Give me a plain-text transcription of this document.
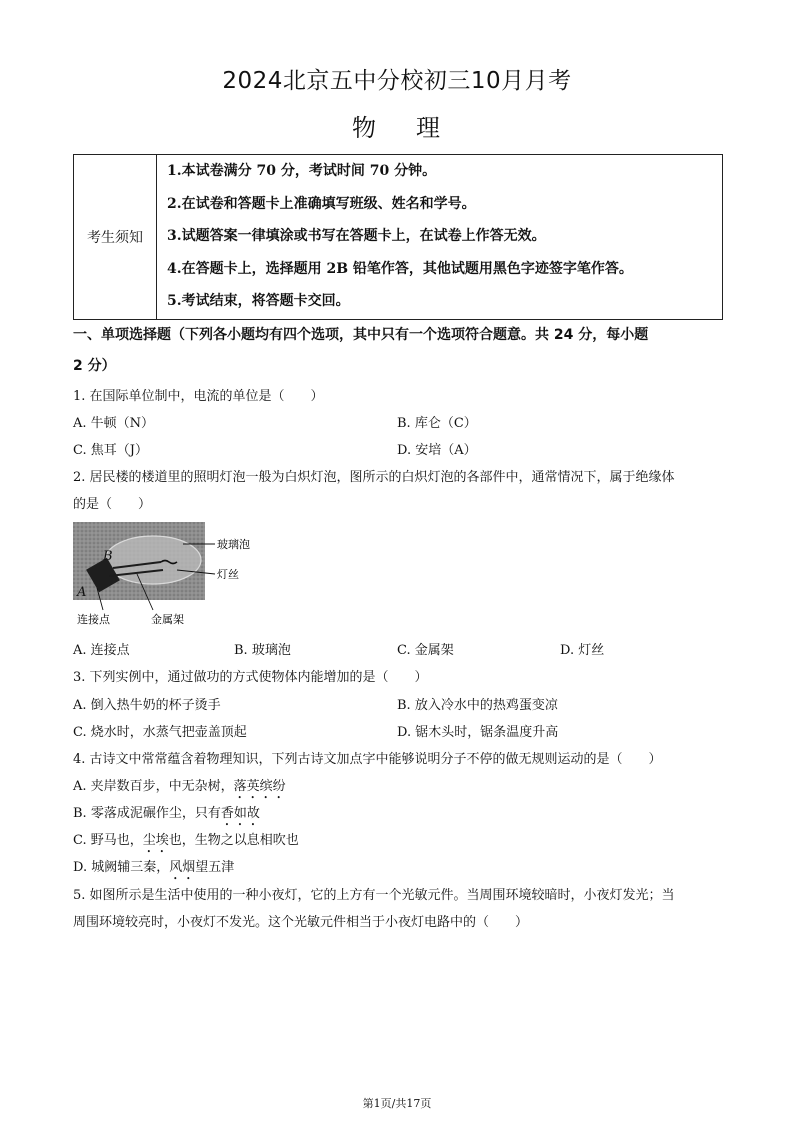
2024北京五中分校初三10月月考
物 理
考生须知	
1.本试卷满分 70 分，考试时间 70 分钟。
2.在试卷和答题卡上准确填写班级、姓名和学号。
3.试题答案一律填涂或书写在答题卡上，在试卷上作答无效。
4.在答题卡上，选择题用 2B 铅笔作答，其他试题用黑色字迹签字笔作答。
5.考试结束，将答题卡交回。
一、单项选择题（下列各小题均有四个选项，其中只有一个选项符合题意。共 24 分，每小题
2 分）
1. 在国际单位制中，电流的单位是（　　）
A. 牛顿（N）	B. 库仑（C）
C. 焦耳（J）	D. 安培（A）
2. 居民楼的楼道里的照明灯泡一般为白炽灯泡，图所示的白炽灯泡的各部件中，通常情况下，属于绝缘体
的是（　　）
玻璃泡
灯丝
连接点	金属架
B
A
A. 连接点	B. 玻璃泡	C. 金属架	D. 灯丝
3. 下列实例中，通过做功的方式使物体内能增加的是（　　）
A. 倒入热牛奶的杯子烫手	B. 放入冷水中的热鸡蛋变凉
C. 烧水时，水蒸气把壶盖顶起	D. 锯木头时，锯条温度升高
4. 古诗文中常常蕴含着物理知识，下列古诗文加点字中能够说明分子不停的做无规则运动的是（　　）
A. 夹岸数百步，中无杂树，落英缤纷
B. 零落成泥碾作尘，只有香如故
C. 野马也，尘埃也，生物之以息相吹也
D. 城阙辅三秦，风烟望五津
5. 如图所示是生活中使用的一种小夜灯，它的上方有一个光敏元件。当周围环境较暗时，小夜灯发光；当
周围环境较亮时，小夜灯不发光。这个光敏元件相当于小夜灯电路中的（　　）
第1页/共17页
